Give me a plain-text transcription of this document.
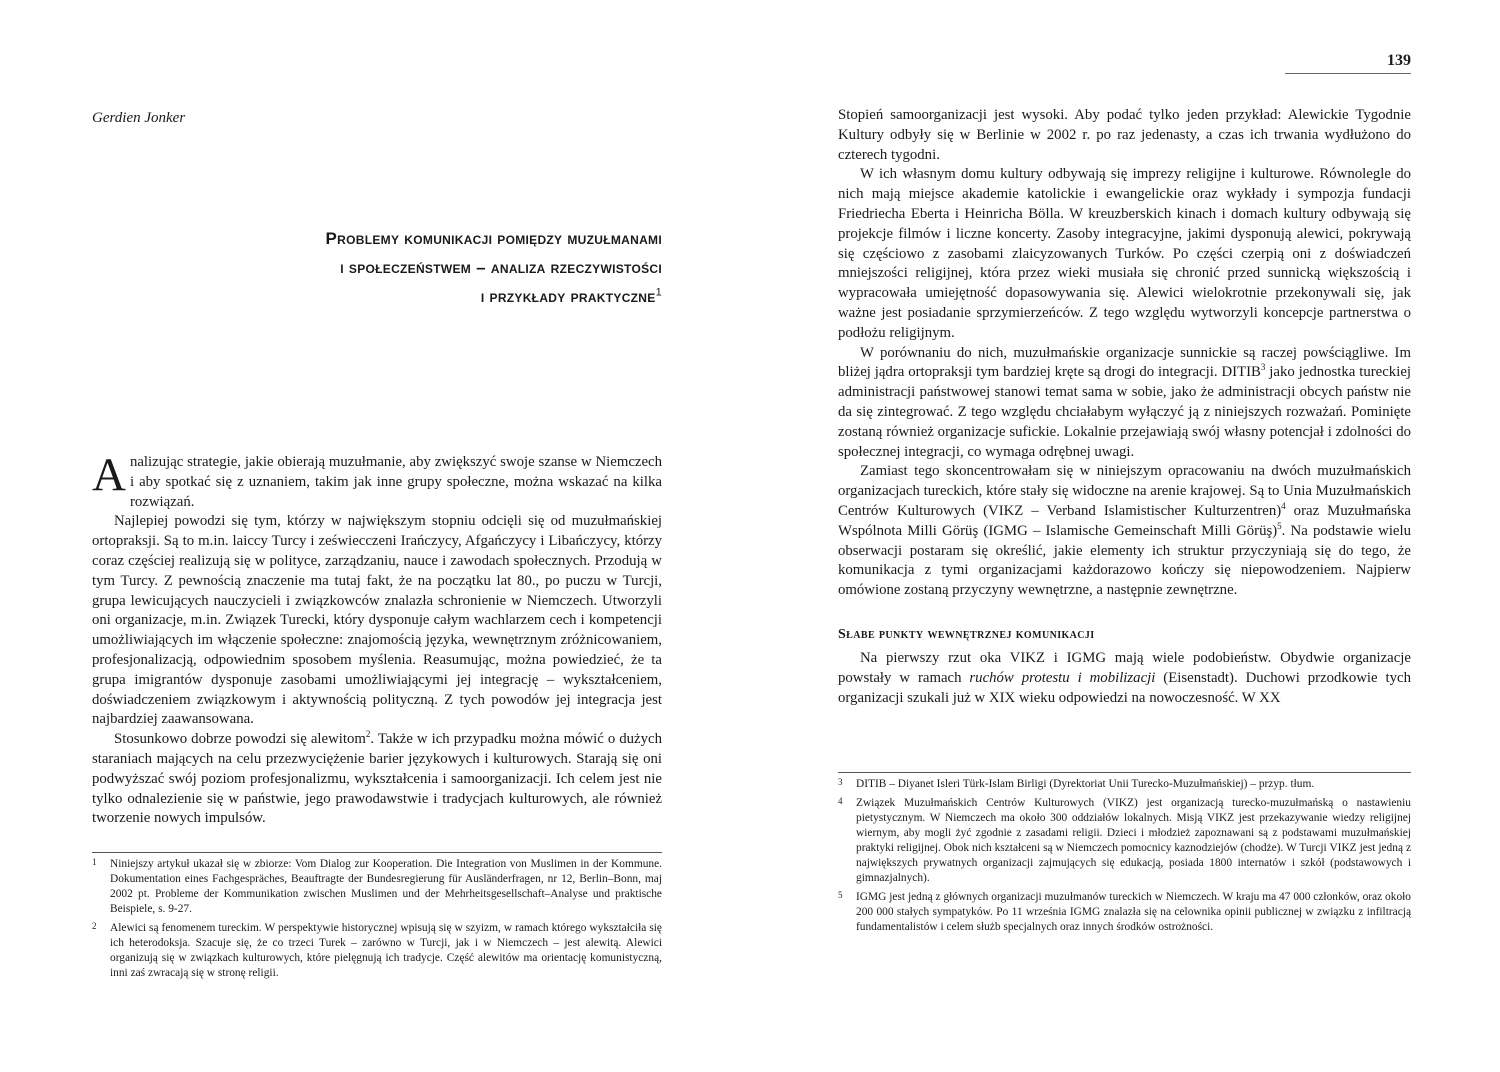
Gerdien Jonker
Problemy komunikacji pomiędzy muzułmanami
i społeczeństwem – analiza rzeczywistości
i przykłady praktyczne$^1$

Analizując strategie, jakie obierają muzułmanie, aby zwiększyć swoje szanse w Niemczech i aby spotkać się z uznaniem, takim jak inne grupy społeczne, można wskazać na kilka rozwiązań.

Najlepiej powodzi się tym, którzy w największym stopniu odcięli się od muzułmańskiej ortopraksji. Są to m.in. laiccy Turcy i zeświecczeni Irańczycy, Afgańczycy i Libańczycy, którzy coraz częściej realizują się w polityce, zarządzaniu, nauce i zawodach społecznych. Przodują w tym Turcy. Z pewnością znaczenie ma tutaj fakt, że na początku lat 80., po puczu w Turcji, grupa lewicujących nauczycieli i związkowców znalazła schronienie w Niemczech. Utworzyli oni organizacje, m.in. Związek Turecki, który dysponuje całym wachlarzem cech i kompetencji umożliwiających im włączenie społeczne: znajomością języka, wewnętrznym zróżnicowaniem, profesjonalizacją, odpowiednim sposobem myślenia. Reasumując, można powiedzieć, że ta grupa imigrantów dysponuje zasobami umożliwiającymi jej integrację – wykształceniem, doświadczeniem związkowym i aktywnością polityczną. Z tych powodów jej integracja jest najbardziej zaawansowana.

Stosunkowo dobrze powodzi się alewitom$^2$. Także w ich przypadku można mówić o dużych staraniach mających na celu przezwyciężenie barier językowych i kulturowych. Starają się oni podwyższać swój poziom profesjonalizmu, wykształcenia i samoorganizacji. Ich celem jest nie tylko odnalezienie się w państwie, jego prawodawstwie i tradycjach kulturowych, ale również tworzenie nowych impulsów.

1 Niniejszy artykuł ukazał się w zbiorze: Vom Dialog zur Kooperation. Die Integration von Muslimen in der Kommune. Dokumentation eines Fachgespräches, Beauftragte der Bundesregierung für Ausländerfragen, nr 12, Berlin–Bonn, maj 2002 pt. Probleme der Kommunikation zwischen Muslimen und der Mehrheitsgesellschaft–Analyse und praktische Beispiele, s. 9-27.
2 Alewici są fenomenem tureckim. W perspektywie historycznej wpisują się w szyizm, w ramach którego wykształciła się ich heterodoksja. Szacuje się, że co trzeci Turek – zarówno w Turcji, jak i w Niemczech – jest alewitą. Alewici organizują się w związkach kulturowych, które pielęgnują ich tradycje. Część alewitów ma orientację komunistyczną, inni zaś zwracają się w stronę religii.
139

Stopień samoorganizacji jest wysoki. Aby podać tylko jeden przykład: Alewickie Tygodnie Kultury odbyły się w Berlinie w 2002 r. po raz jedenasty, a czas ich trwania wydłużono do czterech tygodni.

W ich własnym domu kultury odbywają się imprezy religijne i kulturowe. Równolegle do nich mają miejsce akademie katolickie i ewangelickie oraz wykłady i sympozja fundacji Friedriecha Eberta i Heinricha Bölla. W kreuzberskich kinach i domach kultury odbywają się projekcje filmów i liczne koncerty. Zasoby integracyjne, jakimi dysponują alewici, pokrywają się częściowo z zasobami zlaicyzowanych Turków. Po części czerpią oni z doświadczeń mniejszości religijnej, która przez wieki musiała się chronić przed sunnicką większością i wypracowała umiejętność dopasowywania się. Alewici wielokrotnie przekonywali się, jak ważne jest posiadanie sprzymierzeńców. Z tego względu wytworzyli koncepcje partnerstwa o podłożu religijnym.

W porównaniu do nich, muzułmańskie organizacje sunnickie są raczej powściągliwe. Im bliżej jądra ortopraksji tym bardziej kręte są drogi do integracji. DITIB$^3$ jako jednostka tureckiej administracji państwowej stanowi temat sama w sobie, jako że administracji obcych państw nie da się zintegrować. Z tego względu chciałabym wyłączyć ją z niniejszych rozważań. Pominięte zostaną również organizacje sufickie. Lokalnie przejawiają swój własny potencjał i zdolności do społecznej integracji, co wymaga odrębnej uwagi.

Zamiast tego skoncentrowałam się w niniejszym opracowaniu na dwóch muzułmańskich organizacjach tureckich, które stały się widoczne na arenie krajowej. Są to Unia Muzułmańskich Centrów Kulturowych (VIKZ – Verband Islamistischer Kulturzentren)$^4$ oraz Muzułmańska Wspólnota Milli Görüş (IGMG – Islamische Gemeinschaft Milli Görüş)$^5$. Na podstawie wielu obserwacji postaram się określić, jakie elementy ich struktur przyczyniają się do tego, że komunikacja z tymi organizacjami każdorazowo kończy się niepowodzeniem. Najpierw omówione zostaną przyczyny wewnętrzne, a następnie zewnętrzne.

Słabe punkty wewnętrznej komunikacji

Na pierwszy rzut oka VIKZ i IGMG mają wiele podobieństw. Obydwie organizacje powstały w ramach ruchów protestu i mobilizacji (Eisenstadt). Duchowi przodkowie tych organizacji szukali już w XIX wieku odpowiedzi na nowoczesność. W XX

3 DITIB – Diyanet Isleri Türk-Islam Birligi (Dyrektoriat Unii Turecko-Muzułmańskiej) – przyp. tłum.
4 Związek Muzułmańskich Centrów Kulturowych (VIKZ) jest organizacją turecko-muzułmańską o nastawieniu pietystycznym. W Niemczech ma około 300 oddziałów lokalnych. Misją VIKZ jest przekazywanie wiedzy religijnej wiernym, aby mogli żyć zgodnie z zasadami religii. Dzieci i młodzież zapoznawani są z podstawami muzułmańskiej praktyki religijnej. Obok nich kształceni są w Niemczech pomocnicy kaznodziejów (chodże). W Turcji VIKZ jest jedną z największych prywatnych organizacji zajmujących się edukacją, posiada 1800 internatów i szkół (podstawowych i gimnazjalnych).
5 IGMG jest jedną z głównych organizacji muzułmanów tureckich w Niemczech. W kraju ma 47 000 członków, oraz około 200 000 stałych sympatyków. Po 11 września IGMG znalazła się na celownika opinii publicznej w związku z infiltracją fundamentalistów i celem służb specjalnych oraz innych środków ostrożności.
